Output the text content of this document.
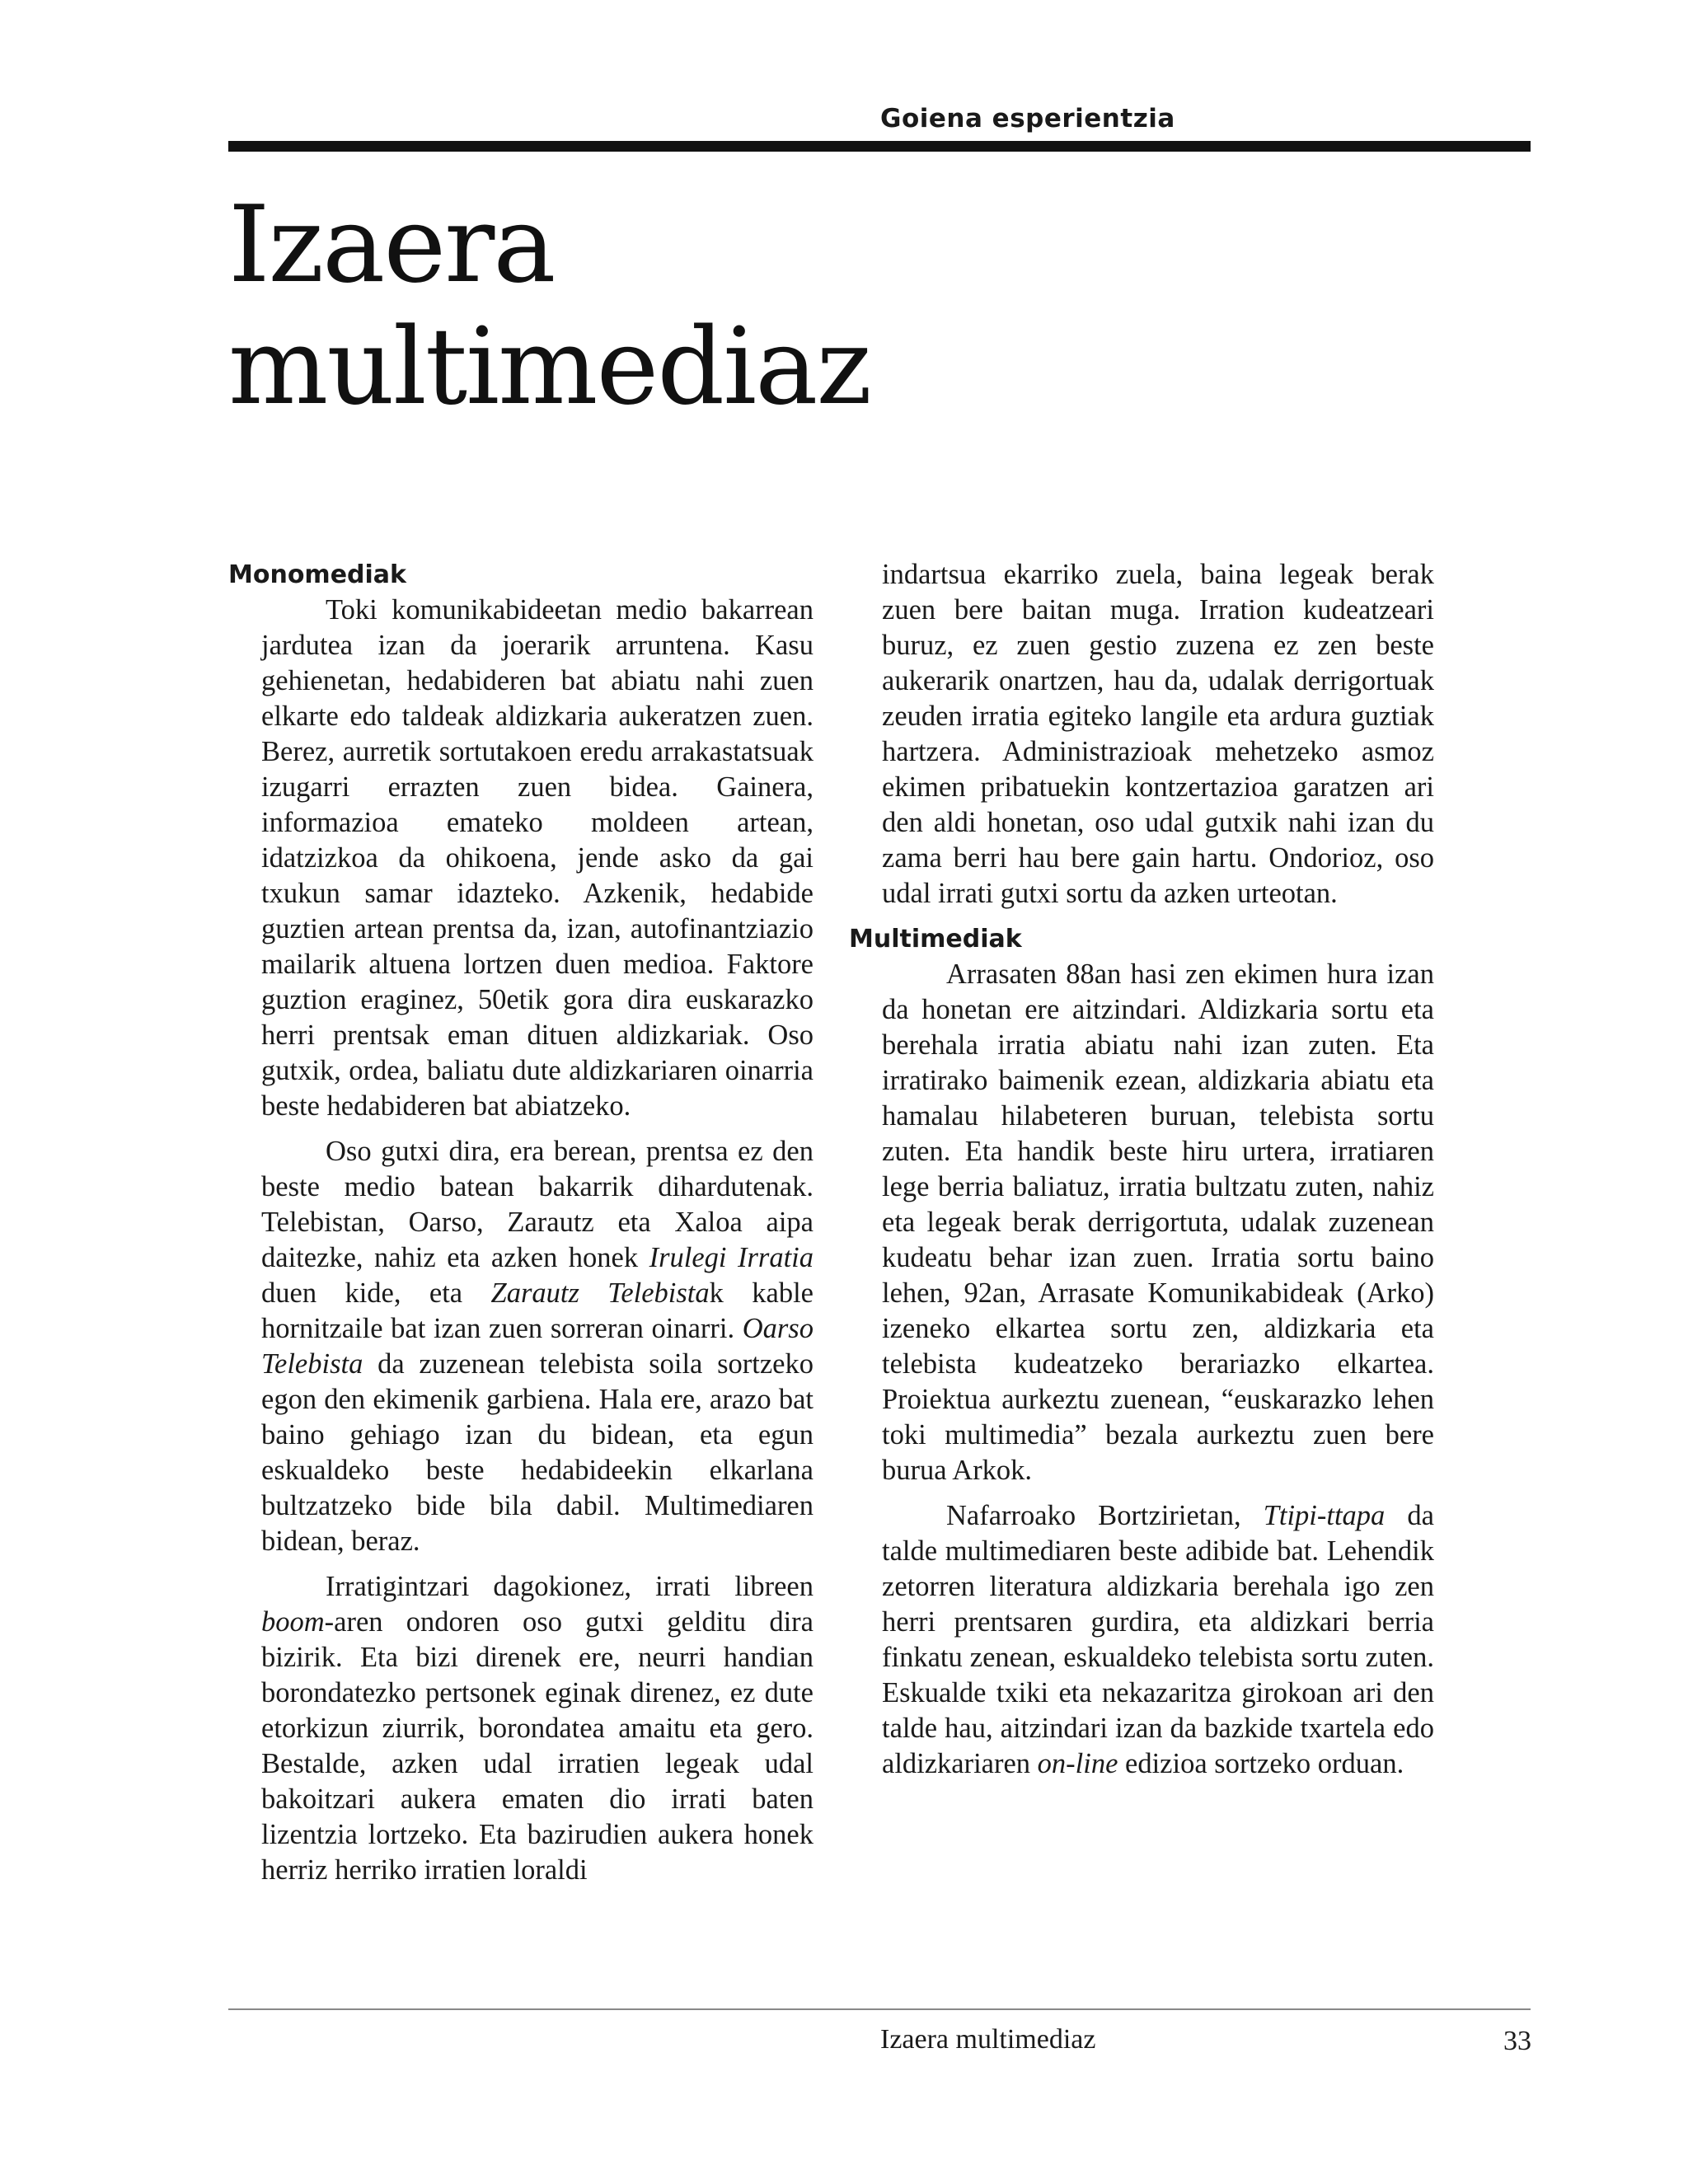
Goiena esperientzia
Izaera
multimediaz
Monomediak

Toki komunikabideetan medio bakarrean jardutea izan da joerarik arruntena. Kasu gehienetan, hedabideren bat abiatu nahi zuen elkarte edo taldeak aldizkaria aukeratzen zuen. Berez, aurretik sortutakoen eredu arrakastatsuak izugarri errazten zuen bidea. Gainera, informazioa emateko moldeen artean, idatzizkoa da ohikoena, jende asko da gai txukun samar idazteko. Azkenik, hedabide guztien artean prentsa da, izan, autofinantziazio mailarik altuena lortzen duen medioa. Faktore guztion eraginez, 50etik gora dira euskarazko herri prentsak eman dituen aldizkariak. Oso gutxik, ordea, baliatu dute aldizkariaren oinarria beste hedabideren bat abiatzeko.

Oso gutxi dira, era berean, prentsa ez den beste medio batean bakarrik dihardutenak. Telebistan, Oarso, Zarautz eta Xaloa aipa daitezke, nahiz eta azken honek Irulegi Irratia duen kide, eta Zarautz Telebistak kable hornitzaile bat izan zuen sorreran oinarri. Oarso Telebista da zuzenean telebista soila sortzeko egon den ekimenik garbiena. Hala ere, arazo bat baino gehiago izan du bidean, eta egun eskualdeko beste hedabideekin elkarlana bultzatzeko bide bila dabil. Multimediaren bidean, beraz.

Irratigintzari dagokionez, irrati libreen boom-aren ondoren oso gutxi gelditu dira bizirik. Eta bizi direnek ere, neurri handian borondatezko pertsonek eginak direnez, ez dute etorkizun ziurrik, borondatea amaitu eta gero. Bestalde, azken udal irratien legeak udal bakoitzari aukera ematen dio irrati baten lizentzia lortzeko. Eta bazirudien aukera honek herriz herriko irratien loraldi

indartsua ekarriko zuela, baina legeak berak zuen bere baitan muga. Irration kudeatzeari buruz, ez zuen gestio zuzena ez zen beste aukerarik onartzen, hau da, udalak derrigortuak zeuden irratia egiteko langile eta ardura guztiak hartzera. Administrazioak mehetzeko asmoz ekimen pribatuekin kontzertazioa garatzen ari den aldi honetan, oso udal gutxik nahi izan du zama berri hau bere gain hartu. Ondorioz, oso udal irrati gutxi sortu da azken urteotan.

Multimediak

Arrasaten 88an hasi zen ekimen hura izan da honetan ere aitzindari. Aldizkaria sortu eta berehala irratia abiatu nahi izan zuten. Eta irratirako baimenik ezean, aldizkaria abiatu eta hamalau hilabeteren buruan, telebista sortu zuten. Eta handik beste hiru urtera, irratiaren lege berria baliatuz, irratia bultzatu zuten, nahiz eta legeak berak derrigortuta, udalak zuzenean kudeatu behar izan zuen. Irratia sortu baino lehen, 92an, Arrasate Komunikabideak (Arko) izeneko elkartea sortu zen, aldizkaria eta telebista kudeatzeko berariazko elkartea. Proiektua aurkeztu zuenean, “euskarazko lehen toki multimedia” bezala aurkeztu zuen bere burua Arkok.

Nafarroako Bortzirietan, Ttipi-ttapa da talde multimediaren beste adibide bat. Lehendik zetorren literatura aldizkaria berehala igo zen herri prentsaren gurdira, eta aldizkari berria finkatu zenean, eskualdeko telebista sortu zuten. Eskualde txiki eta nekazaritza girokoan ari den talde hau, aitzindari izan da bazkide txartela edo aldizkariaren on-line edizioa sortzeko orduan.

Izaera multimediaz	33
